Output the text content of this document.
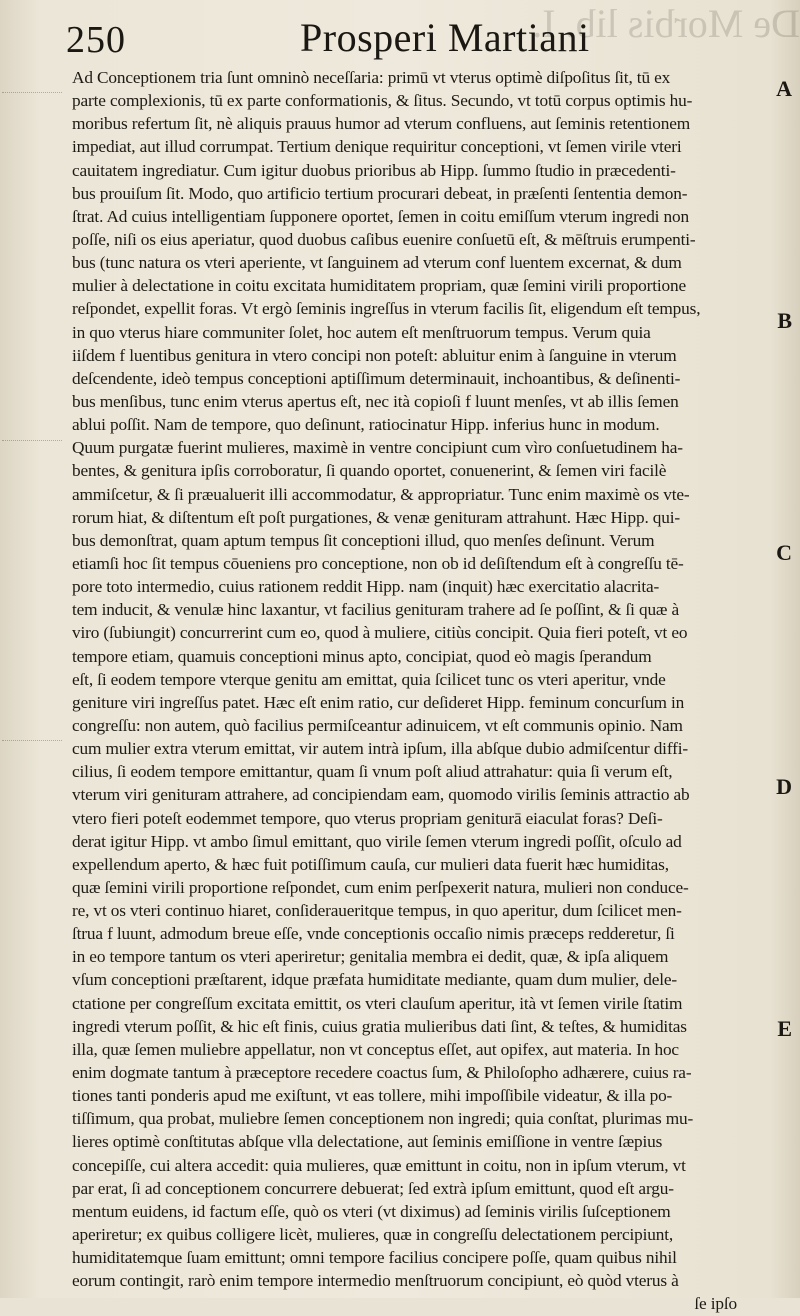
De Morbis lib. I.
250	Prosperi Martiani
A
B
C
D
E
Ad Conceptionem tria ſunt omninò neceſſaria: primū vt vterus optimè diſpoſitus ſit, tū ex
parte complexionis, tū ex parte conformationis, & ſitus. Secundo, vt totū corpus optimis hu-
moribus refertum ſit, nè aliquis prauus humor ad vterum confluens, aut ſeminis retentionem
impediat, aut illud corrumpat. Tertium denique requiritur conceptioni, vt ſemen virile vteri
cauitatem ingrediatur. Cum igitur duobus prioribus ab Hipp. ſummo ſtudio in præcedenti-
bus prouiſum ſit. Modo, quo artificio tertium procurari debeat, in præſenti ſententia demon-
ſtrat. Ad cuius intelligentiam ſupponere oportet, ſemen in coitu emiſſum vterum ingredi non
poſſe, niſi os eius aperiatur, quod duobus caſibus euenire conſuetū eſt, & mēſtruis erumpenti-
bus (tunc natura os vteri aperiente, vt ſanguinem ad vterum conf luentem excernat, & dum
mulier à delectatione in coitu excitata humiditatem propriam, quæ ſemini virili proportione
reſpondet, expellit foras. Vt ergò ſeminis ingreſſus in vterum facilis ſit, eligendum eſt tempus,
in quo vterus hiare communiter ſolet, hoc autem eſt menſtruorum tempus. Verum quia
iiſdem f luentibus genitura in vtero concipi non poteſt: abluitur enim à ſanguine in vterum
deſcendente, ideò tempus conceptioni aptiſſimum determinauit, inchoantibus, & deſinenti-
bus menſibus, tunc enim vterus apertus eſt, nec ità copioſi f luunt menſes, vt ab illis ſemen
ablui poſſit. Nam de tempore, quo deſinunt, ratiocinatur Hipp. inferius hunc in modum.
Quum purgatæ fuerint mulieres, maximè in ventre concipiunt cum vìro conſuetudinem ha-
bentes, & genitura ipſis corroboratur, ſi quando oportet, conuenerint, & ſemen viri facilè
ammiſcetur, & ſi præualuerit illi accommodatur, & appropriatur. Tunc enim maximè os vte-
rorum hiat, & diſtentum eſt poſt purgationes, & venæ genituram attrahunt. Hæc Hipp. qui-
bus demonſtrat, quam aptum tempus ſit conceptioni illud, quo menſes deſinunt. Verum
etiamſi hoc ſit tempus cōueniens pro conceptione, non ob id deſiſtendum eſt à congreſſu tē-
pore toto intermedio, cuius rationem reddit Hipp. nam (inquit) hæc exercitatio alacrita-
tem inducit, & venulæ hinc laxantur, vt facilius genituram trahere ad ſe poſſint, & ſi quæ à
viro (ſubiungit) concurrerint cum eo, quod à muliere, citiùs concipit. Quia fieri poteſt, vt eo
tempore etiam, quamuis conceptioni minus apto, concipiat, quod eò magis ſperandum
eſt, ſi eodem tempore vterque genitu am emittat, quia ſcilicet tunc os vteri aperitur, vnde
geniture viri ingreſſus patet. Hæc eſt enim ratio, cur deſideret Hipp. feminum concurſum in
congreſſu: non autem, quò facilius permiſceantur adinuicem, vt eſt communis opinio. Nam
cum mulier extra vterum emittat, vir autem intrà ipſum, illa abſque dubio admiſcentur diffi-
cilius, ſi eodem tempore emittantur, quam ſi vnum poſt aliud attrahatur: quia ſi verum eſt,
vterum viri genituram attrahere, ad concipiendam eam, quomodo virilis ſeminis attractio ab
vtero fieri poteſt eodemmet tempore, quo vterus propriam geniturā eiaculat foras? Deſi-
derat igitur Hipp. vt ambo ſimul emittant, quo virile ſemen vterum ingredi poſſit, oſculo ad
expellendum aperto, & hæc fuit potiſſimum cauſa, cur mulieri data fuerit hæc humiditas,
quæ ſemini virili proportione reſpondet, cum enim perſpexerit natura, mulieri non conduce-
re, vt os vteri continuo hiaret, conſideraueritque tempus, in quo aperitur, dum ſcilicet men-
ſtrua f luunt, admodum breue eſſe, vnde conceptionis occaſio nimis præceps redderetur, ſi
in eo tempore tantum os vteri aperiretur; genitalia membra ei dedit, quæ, & ipſa aliquem
vſum conceptioni præſtarent, idque præfata humiditate mediante, quam dum mulier, dele-
ctatione per congreſſum excitata emittit, os vteri clauſum aperitur, ità vt ſemen virile ſtatim
ingredi vterum poſſit, & hic eſt finis, cuius gratia mulieribus dati ſint, & teſtes, & humiditas
illa, quæ ſemen muliebre appellatur, non vt conceptus eſſet, aut opifex, aut materia. In hoc
enim dogmate tantum à præceptore recedere coactus ſum, & Philoſopho adhærere, cuius ra-
tiones tanti ponderis apud me exiſtunt, vt eas tollere, mihi impoſſibile videatur, & illa po-
tiſſimum, qua probat, muliebre ſemen conceptionem non ingredi; quia conſtat, plurimas mu-
lieres optimè conſtitutas abſque vlla delectatione, aut ſeminis emiſſione in ventre ſæpius
concepiſſe, cui altera accedit: quia mulieres, quæ emittunt in coitu, non in ipſum vterum, vt
par erat, ſi ad conceptionem concurrere debuerat; ſed extrà ipſum emittunt, quod eſt argu-
mentum euidens, id factum eſſe, quò os vteri (vt diximus) ad ſeminis virilis ſuſceptionem
aperiretur; ex quibus colligere licèt, mulieres, quæ in congreſſu delectationem percipiunt,
humiditatemque ſuam emittunt; omni tempore facilius concipere poſſe, quam quibus nihil
eorum contingit, rarò enim tempore intermedio menſtruorum concipiunt, eò quòd vterus à
ſe ipſo
